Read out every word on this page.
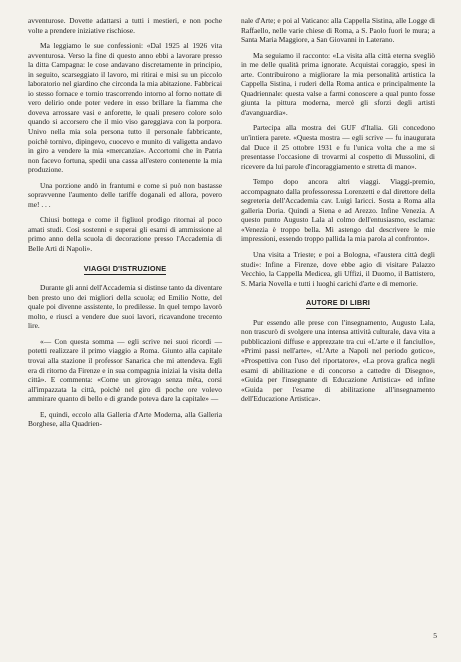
avventurose. Dovette adattarsi a tutti i mestieri, e non poche volte a prendere iniziative rischiose.

Ma leggiamo le sue confessioni: «Dal 1925 al 1926 vita avventurosa. Verso la fine di questo anno ebbi a lavorare presso la ditta Campagna: le cose andavano discretamente in principio, in seguito, scarseggiato il lavoro, mi ritirai e misi su un piccolo laboratorio nel giardino che circonda la mia abitazione. Fabbricai io stesso fornace e tornio trascorrendo intorno al forno nottate di vero delirio onde poter vedere in esso brillare la fiamma che doveva arrossare vasi e anforette, le quali presero colore solo quando si accorsero che il mio viso gareggiava con la porpora. Univo nella mia sola persona tutto il personale fabbricante, poichè tornivo, dipingevo, cuocevo e munito di valigetta andavo in giro a vendere la mia «mercanzia». Accortomi che in Patria non facevo fortuna, spedii una cassa all'estero contenente la mia produzione.

Una porzione andò in frantumi e come si può non bastasse sopravvenne l'aumento delle tariffe doganali ed allora, povero me! . . .

Chiusi bottega e come il figliuol prodigo ritornai al poco amati studi. Così sostenni e superai gli esami di ammissione al primo anno della scuola di decorazione presso l'Accademia di Belle Arti di Napoli».

VIAGGI D'ISTRUZIONE

Durante gli anni dell'Accademia si distinse tanto da diventare ben presto uno dei migliori della scuola; ed Emilio Notte, del quale poi divenne assistente, lo predilesse. In quel tempo lavorò molto, e riuscì a vendere due suoi lavori, ricavandone trecento lire.

«— Con questa somma — egli scrive nei suoi ricordi — potetti realizzare il primo viaggio a Roma. Giunto alla capitale trovai alla stazione il professor Sanarica che mi attendeva. Egli era di ritorno da Firenze e in sua compagnia iniziai la visita della città». E commenta: «Come un girovago senza mèta, corsi all'impazzata la città, poichè nel giro di poche ore volevo ammirare quanto di bello e di grande poteva dare la capitale» —

E, quindi, eccolo alla Galleria d'Arte Moderna, alla Galleria Borghese, alla Quadrien-

nale d'Arte; e poi al Vaticano: alla Cappella Sistina, alle Logge di Raffaello, nelle varie chiese di Roma, a S. Paolo fuori le mura; a Santa Maria Maggiore, a San Giovanni in Laterano.

Ma seguiamo il racconto: «La visita alla città eterna svegliò in me delle qualità prima ignorate. Acquistai coraggio, spesi in arte. Contribuirono a migliorare la mia personalità artistica la Cappella Sistina, i ruderi della Roma antica e principalmente la Quadriennale: questa valse a farmi conoscere a qual punto fosse giunta la pittura moderna, mercè gli sforzi degli artisti d'avanguardia».

Partecipa alla mostra dei GUF d'Italia. Gli concedono un'intiera parete. «Questa mostra — egli scrive — fu inaugurata dal Duce il 25 ottobre 1931 e fu l'unica volta che a me si presentasse l'occasione di trovarmi al cospetto di Mussolini, di ricevere da lui parole d'incoraggiamento e stretta di mano».

Tempo dopo ancora altri viaggi. Viaggi-premio, accompagnato dalla professoressa Lorenzetti e dal direttore della segreteria dell'Accademia cav. Luigi Iaricci. Sosta a Roma alla galleria Doria. Quindi a Siena e ad Arezzo. Infine Venezia. A questo punto Augusto Lala al colmo dell'entusiasmo, esclama: «Venezia è troppo bella. Mi astengo dal descrivere le mie impressioni, essendo troppo pallida la mia parola al confronto».

Una visita a Trieste; e poi a Bologna, «l'austera città degli studi»: Infine a Firenze, dove ebbe agio di visitare Palazzo Vecchio, la Cappella Medicea, gli Uffizi, il Duomo, il Battistero, S. Maria Novella e tutti i luoghi carichi d'arte e di memorie.

AUTORE DI LIBRI

Pur essendo alle prese con l'insegnamento, Augusto Lala, non trascurò di svolgere una intensa attività culturale, dava vita a pubblicazioni diffuse e apprezzate tra cui «L'arte e il fanciullo», «Primi passi nell'arte», «L'Arte a Napoli nel periodo gotico», «Prospettiva con l'uso del riportatore», «La prova grafica negli esami di abilitazione e di concorso a cattedre di Disegno», «Guida per l'insegnante di Educazione Artistica» ed infine «Guida per l'esame di abilitazione all'insegnamento dell'Educazione Artistica».

5
